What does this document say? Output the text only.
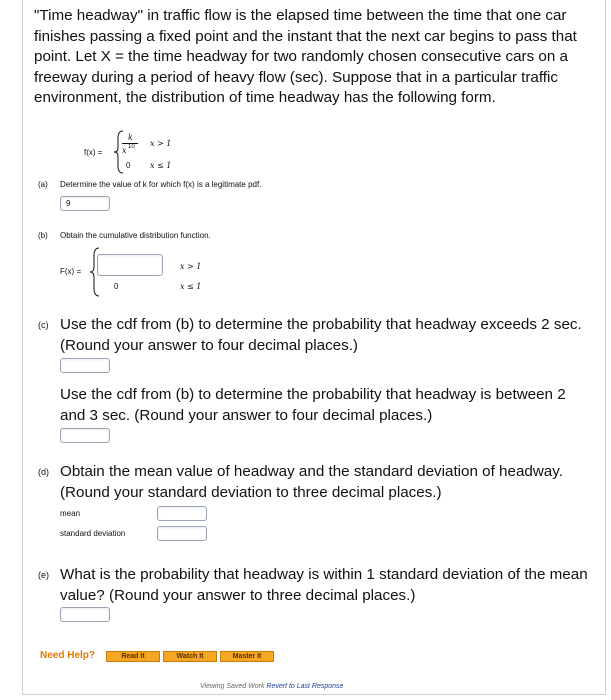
"Time headway" in traffic flow is the elapsed time between the time that one car finishes passing a fixed point and the instant that the next car begins to pass that point. Let X = the time headway for two randomly chosen consecutive cars on a freeway during a period of heavy flow (sec). Suppose that in a particular traffic environment, the distribution of time headway has the following form.

f(x) =
k
x 10 x > 1
0 x ≤ 1
(a) Determine the value of k for which f(x) is a legitimate pdf.
9
(b) Obtain the cumulative distribution function.
F(x) =
x > 1
0	x ≤ 1
(c) Use the cdf from (b) to determine the probability that headway exceeds 2 sec. (Round your answer to four decimal places.)
Use the cdf from (b) to determine the probability that headway is between 2 and 3 sec. (Round your answer to four decimal places.)
(d) Obtain the mean value of headway and the standard deviation of headway. (Round your standard deviation to three decimal places.)
mean
standard deviation
(e) What is the probability that headway is within 1 standard deviation of the mean value? (Round your answer to three decimal places.)
Need Help?	Read It	Watch It	Master It
Viewing Saved Work Revert to Last Response
